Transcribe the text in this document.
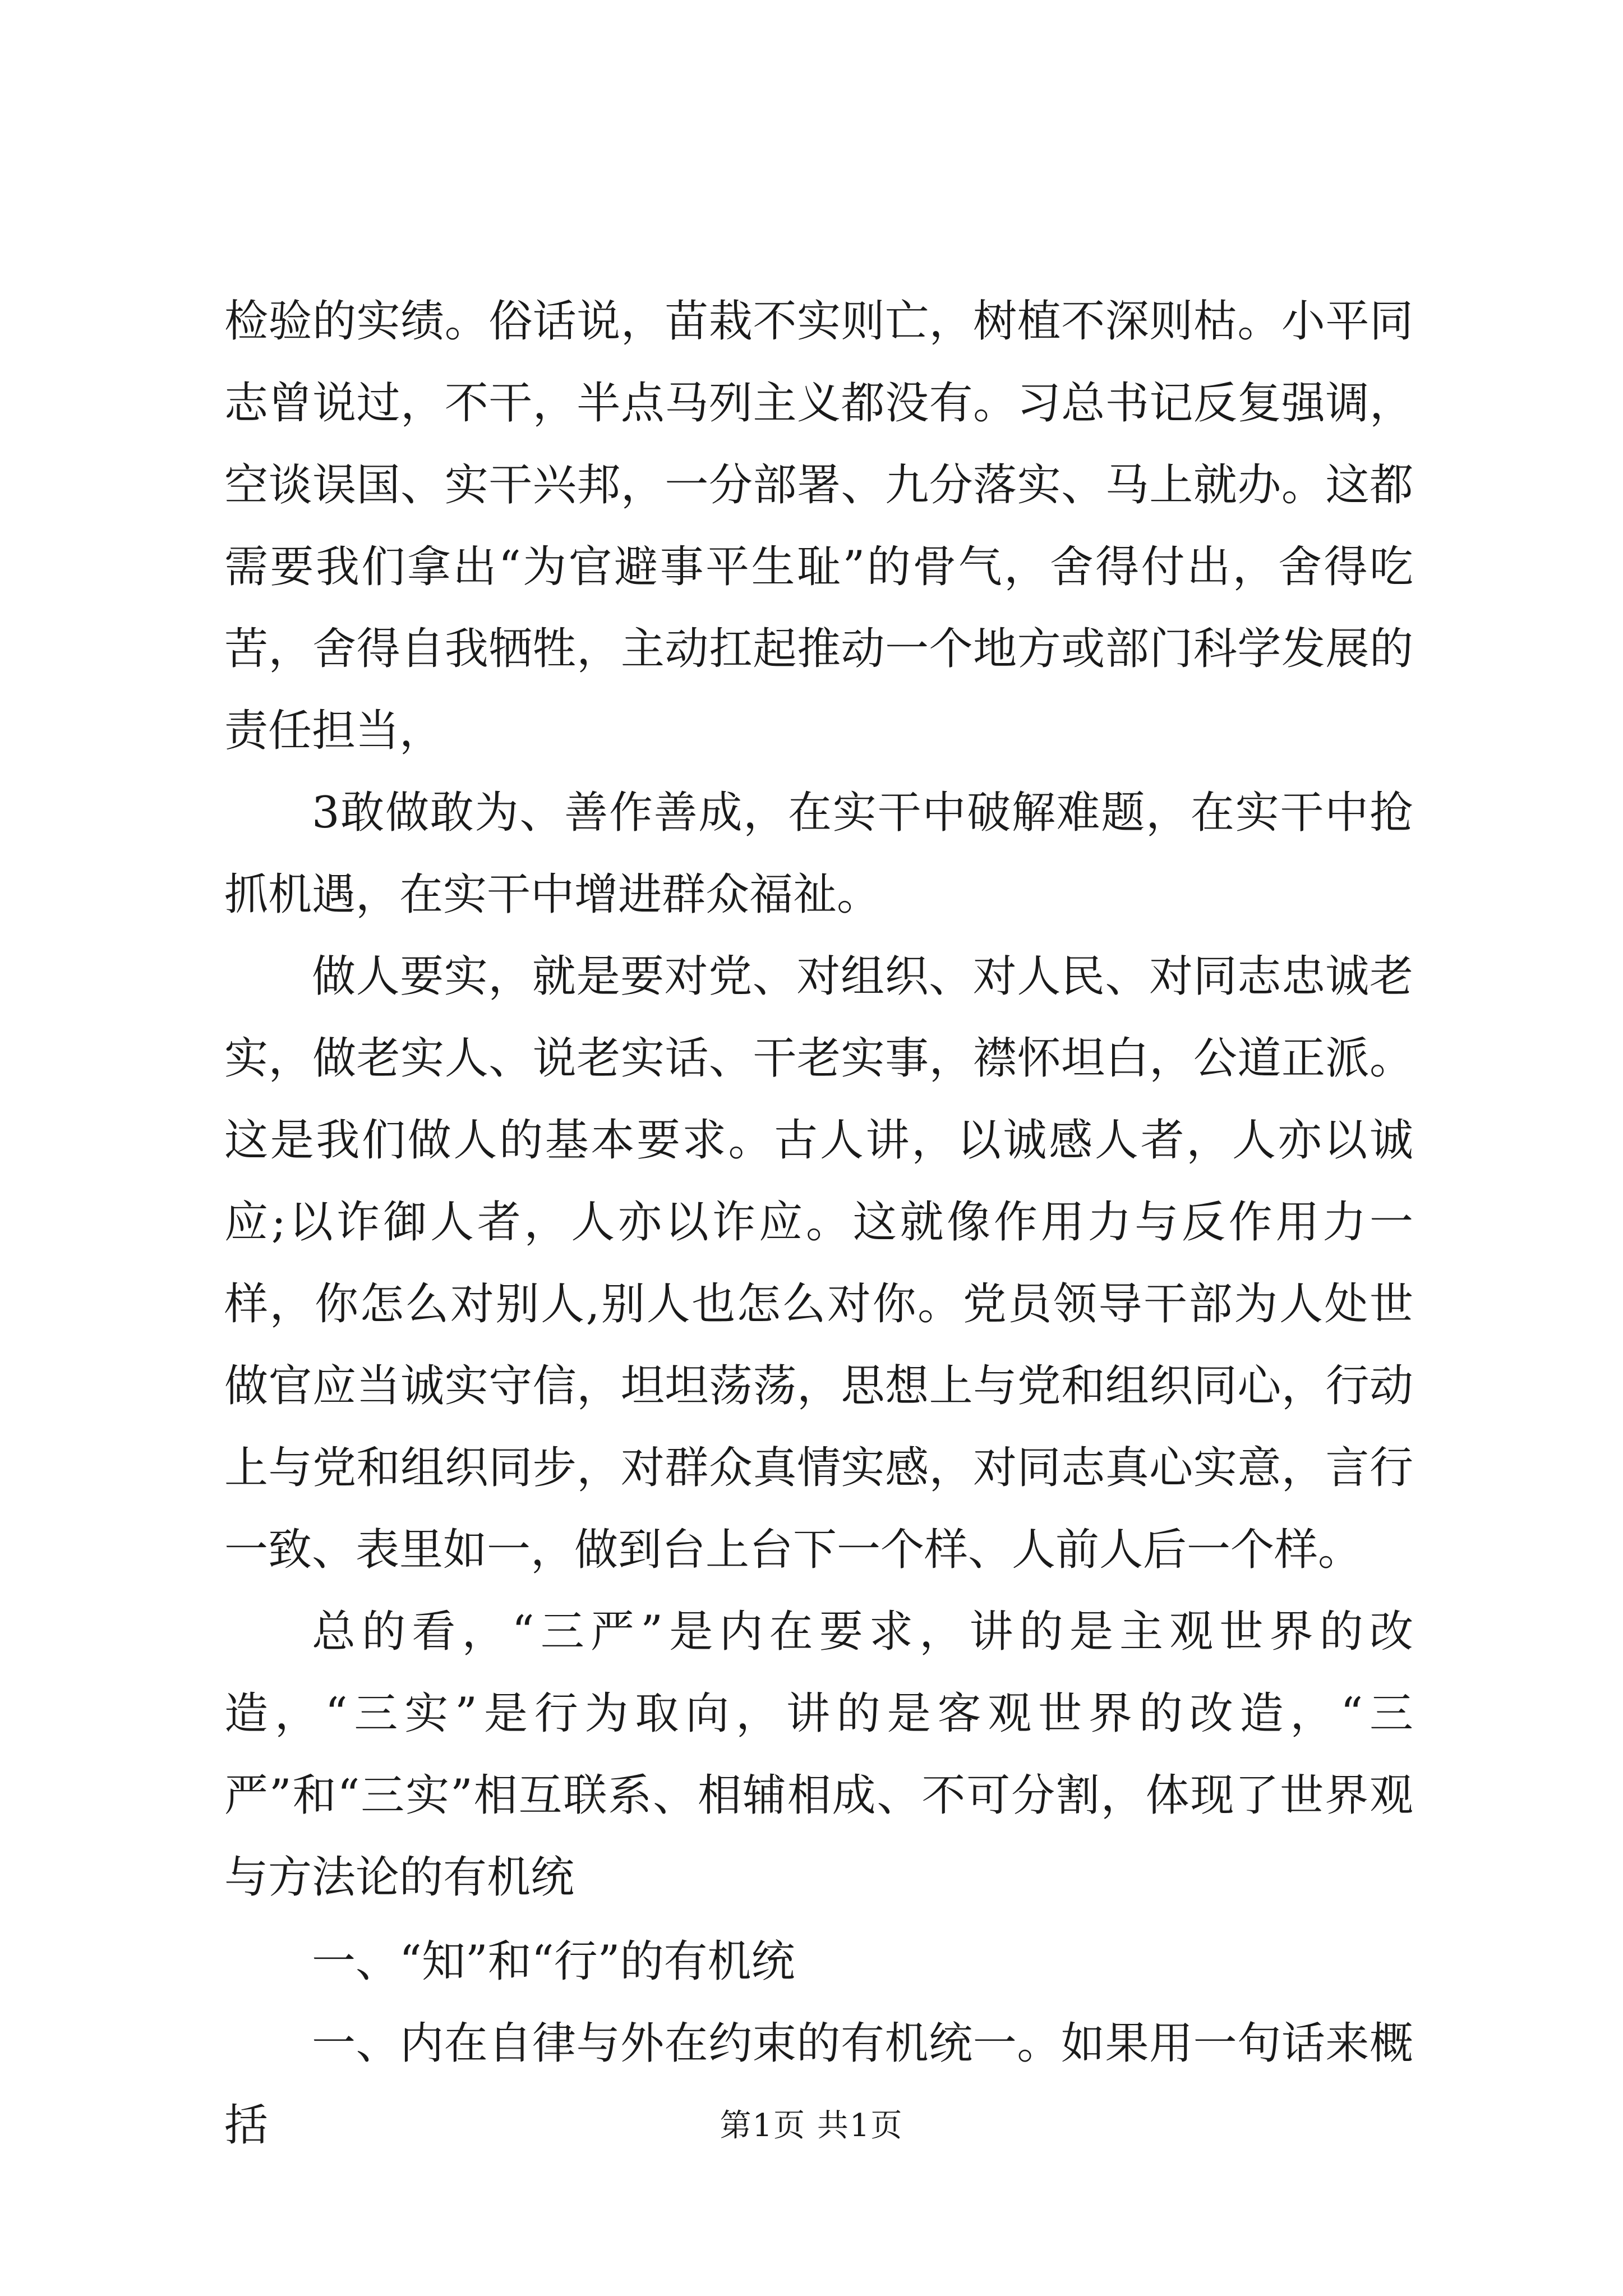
检验的实绩。俗话说，苗栽不实则亡，树植不深则枯。小平同志曾说过，不干，半点马列主义都没有。习总书记反复强调，空谈误国、实干兴邦，一分部署、九分落实、马上就办。这都需要我们拿出“为官避事平生耻”的骨气，舍得付出，舍得吃苦，舍得自我牺牲，主动扛起推动一个地方或部门科学发展的责任担当，

3敢做敢为、善作善成，在实干中破解难题，在实干中抢抓机遇，在实干中增进群众福祉。

做人要实，就是要对党、对组织、对人民、对同志忠诚老实，做老实人、说老实话、干老实事，襟怀坦白，公道正派。这是我们做人的基本要求。古人讲，以诚感人者，人亦以诚应;以诈御人者，人亦以诈应。这就像作用力与反作用力一样，你怎么对别人,别人也怎么对你。党员领导干部为人处世做官应当诚实守信，坦坦荡荡，思想上与党和组织同心，行动上与党和组织同步，对群众真情实感，对同志真心实意，言行一致、表里如一，做到台上台下一个样、人前人后一个样。

总的看，“三严”是内在要求，讲的是主观世界的改造，“三实”是行为取向，讲的是客观世界的改造，“三严”和“三实”相互联系、相辅相成、不可分割，体现了世界观与方法论的有机统

一、“知”和“行”的有机统

一、内在自律与外在约束的有机统一。如果用一句话来概括	第1页 共1页
